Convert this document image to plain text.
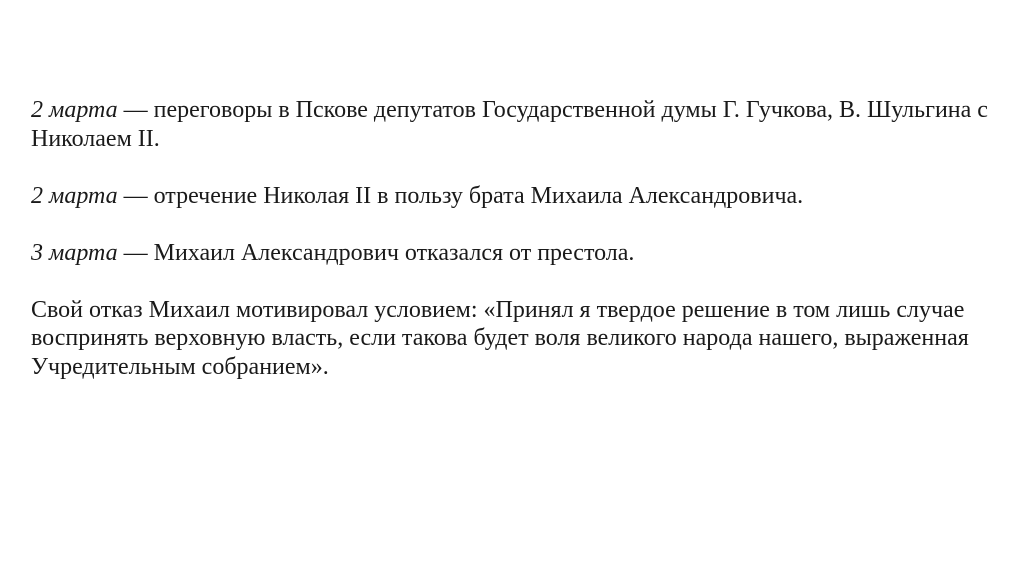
2 марта — переговоры в Пскове депутатов Государственной думы Г. Гучкова, В. Шульгина с Николаем II.

2 марта — отречение Николая II в пользу брата Михаила Александровича.

3 марта — Михаил Александрович отказался от престола.

Свой отказ Михаил мотивировал условием: «Принял я твердое решение в том лишь случае воспринять верховную власть, если такова будет воля великого народа нашего, выраженная Учредительным собранием».
